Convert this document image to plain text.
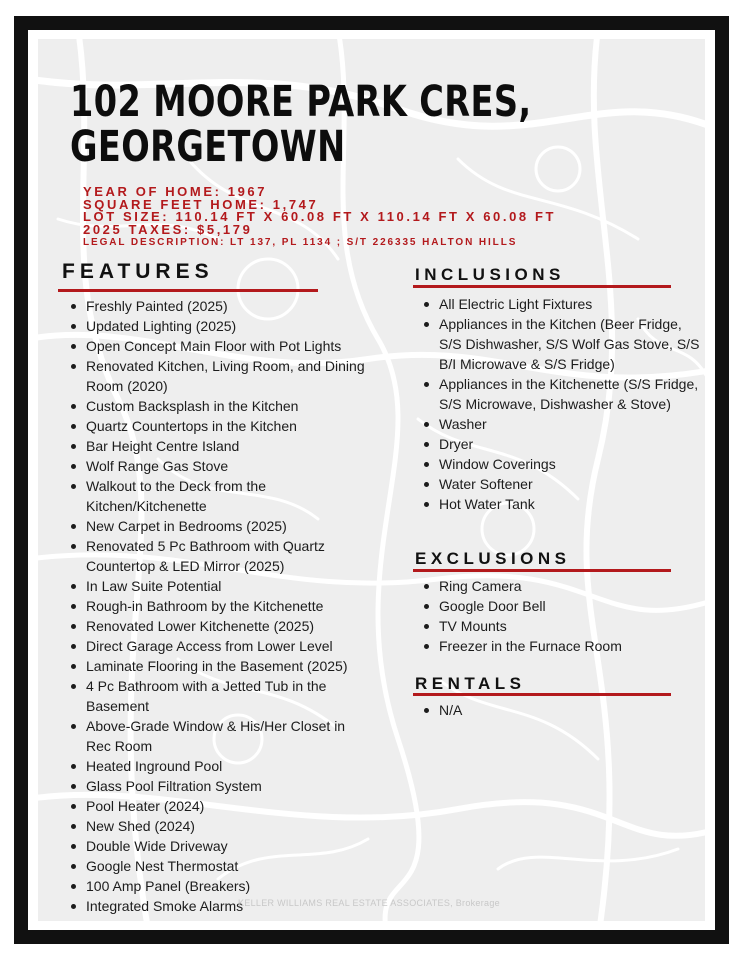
102 MOORE PARK CRES,
GEORGETOWN
YEAR OF HOME: 1967
SQUARE FEET HOME: 1,747
LOT SIZE: 110.14 FT X 60.08 FT X 110.14 FT X 60.08 FT
2025 TAXES: $5,179
LEGAL DESCRIPTION: LT 137, PL 1134 ; S/T 226335 HALTON HILLS
FEATURES
Freshly Painted (2025)
Updated Lighting (2025)
Open Concept Main Floor with Pot Lights
Renovated Kitchen, Living Room, and Dining Room (2020)
Custom Backsplash in the Kitchen
Quartz Countertops in the Kitchen
Bar Height Centre Island
Wolf Range Gas Stove
Walkout to the Deck from the Kitchen/Kitchenette
New Carpet in Bedrooms (2025)
Renovated 5 Pc Bathroom with Quartz Countertop & LED Mirror (2025)
In Law Suite Potential
Rough-in Bathroom by the Kitchenette
Renovated Lower Kitchenette (2025)
Direct Garage Access from Lower Level
Laminate Flooring in the Basement (2025)
4 Pc Bathroom with a Jetted Tub in the Basement
Above-Grade Window & His/Her Closet in Rec Room
Heated Inground Pool
Glass Pool Filtration System
Pool Heater (2024)
New Shed (2024)
Double Wide Driveway
Google Nest Thermostat
100 Amp Panel (Breakers)
Integrated Smoke Alarms
INCLUSIONS
All Electric Light Fixtures
Appliances in the Kitchen (Beer Fridge, S/S Dishwasher, S/S Wolf Gas Stove, S/S B/I Microwave & S/S Fridge)
Appliances in the Kitchenette (S/S Fridge, S/S Microwave, Dishwasher & Stove)
Washer
Dryer
Window Coverings
Water Softener
Hot Water Tank
EXCLUSIONS
Ring Camera
Google Door Bell
TV Mounts
Freezer in the Furnace Room
RENTALS
N/A
KELLER WILLIAMS REAL ESTATE ASSOCIATES, Brokerage
